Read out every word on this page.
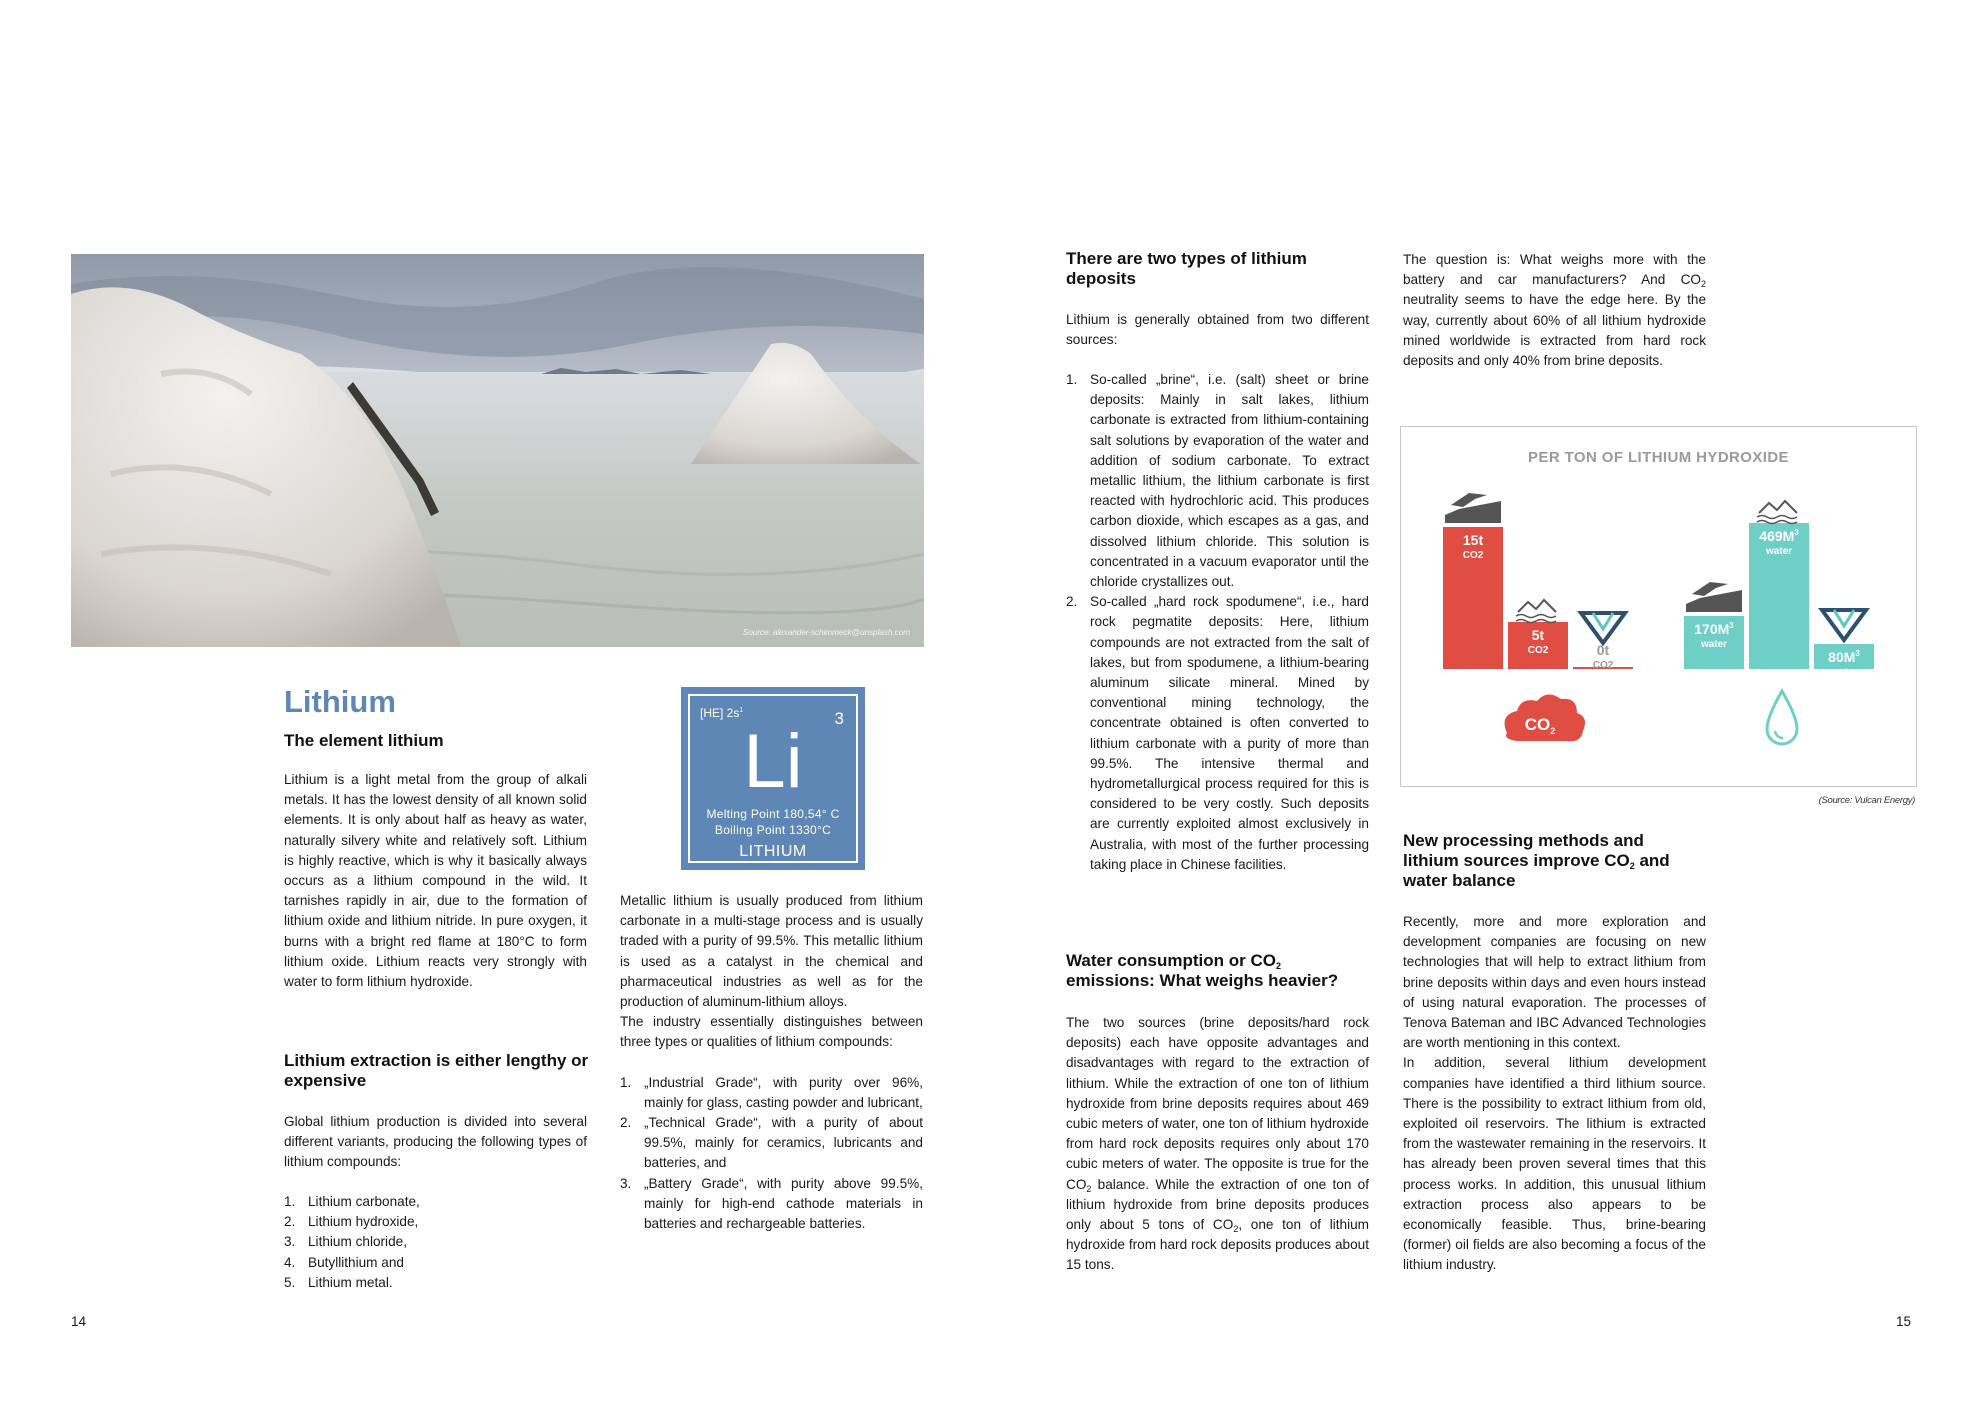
Source: alexander-schimmeck@unsplash.com
Lithium
The element lithium
Lithium is a light metal from the group of alkali metals. It has the lowest density of all known solid elements. It is only about half as heavy as water, naturally silvery white and relatively soft. Lithium is highly reactive, which is why it basically always occurs as a lithium compound in the wild. It tarnishes rapidly in air, due to the formation of lithium oxide and lithium nitride. In pure oxygen, it burns with a bright red flame at 180°C to form lithium oxide. Lithium reacts very strongly with water to form lithium hydroxide.
Lithium extraction is either lengthy or expensive
Global lithium production is divided into several different variants, producing the following types of lithium compounds:
1. Lithium carbonate,
2. Lithium hydroxide,
3. Lithium chloride,
4. Butyllithium and
5. Lithium metal.
[HE] $2s^1$	3
Li
Melting Point 180,54° C
Boiling Point 1330°C
LITHIUM

Metallic lithium is usually produced from lithium carbonate in a multi-stage process and is usually traded with a purity of 99.5%. This metallic lithium is used as a catalyst in the chemical and pharmaceutical industries as well as for the production of aluminum-lithium alloys.

The industry essentially distinguishes between three types or qualities of lithium compounds:

1. „Industrial Grade“, with purity over 96%, mainly for glass, casting powder and lubricant,
2. „Technical Grade“, with a purity of about 99.5%, mainly for ceramics, lubricants and batteries, and
3. „Battery Grade“, with purity above 99.5%, mainly for high-end cathode materials in batteries and rechargeable batteries.
There are two types of lithium deposits
Lithium is generally obtained from two different sources:
1. So-called „brine“, i.e. (salt) sheet or brine deposits: Mainly in salt lakes, lithium carbonate is extracted from lithium-containing salt solutions by evaporation of the water and addition of sodium carbonate. To extract metallic lithium, the lithium carbonate is first reacted with hydrochloric acid. This produces carbon dioxide, which escapes as a gas, and dissolved lithium chloride. This solution is concentrated in a vacuum evaporator until the chloride crystallizes out.
2. So-called „hard rock spodumene“, i.e., hard rock pegmatite deposits: Here, lithium compounds are not extracted from the salt of lakes, but from spodumene, a lithium-bearing aluminum silicate mineral. Mined by conventional mining technology, the concentrate obtained is often converted to lithium carbonate with a purity of more than 99.5%. The intensive thermal and hydrometallurgical process required for this is considered to be very costly. Such deposits are currently exploited almost exclusively in Australia, with most of the further processing taking place in Chinese facilities.
Water consumption or $CO_2$ emissions: What weighs heavier?
The two sources (brine deposits/hard rock deposits) each have opposite advantages and disadvantages with regard to the extraction of lithium. While the extraction of one ton of lithium hydroxide from brine deposits requires about 469 cubic meters of water, one ton of lithium hydroxide from hard rock deposits requires only about 170 cubic meters of water. The opposite is true for the $CO_2$ balance. While the extraction of one ton of lithium hydroxide from brine deposits produces only about 5 tons of $CO_2$, one ton of lithium hydroxide from hard rock deposits produces about 15 tons.
The question is: What weighs more with the battery and car manufacturers? And $CO_2$ neutrality seems to have the edge here. By the way, currently about 60% of all lithium hydroxide mined worldwide is extracted from hard rock deposits and only 40% from brine deposits.
PER TON OF LITHIUM HYDROXIDE
15t
CO2
5t
CO2	0t
CO2
$170M^3$
water
$469M^3$
water
$80M^3$
water
$CO_2$
(Source: Vulcan Energy)
New processing methods and lithium sources improve $CO_2$ and water balance

Recently, more and more exploration and development companies are focusing on new technologies that will help to extract lithium from brine deposits within days and even hours instead of using natural evaporation. The processes of Tenova Bateman and IBC Advanced Technologies are worth mentioning in this context.

In addition, several lithium development companies have identified a third lithium source. There is the possibility to extract lithium from old, exploited oil reservoirs. The lithium is extracted from the wastewater remaining in the reservoirs. It has already been proven several times that this process works. In addition, this unusual lithium extraction process also appears to be economically feasible. Thus, brine-bearing (former) oil fields are also becoming a focus of the lithium industry.

14	15
